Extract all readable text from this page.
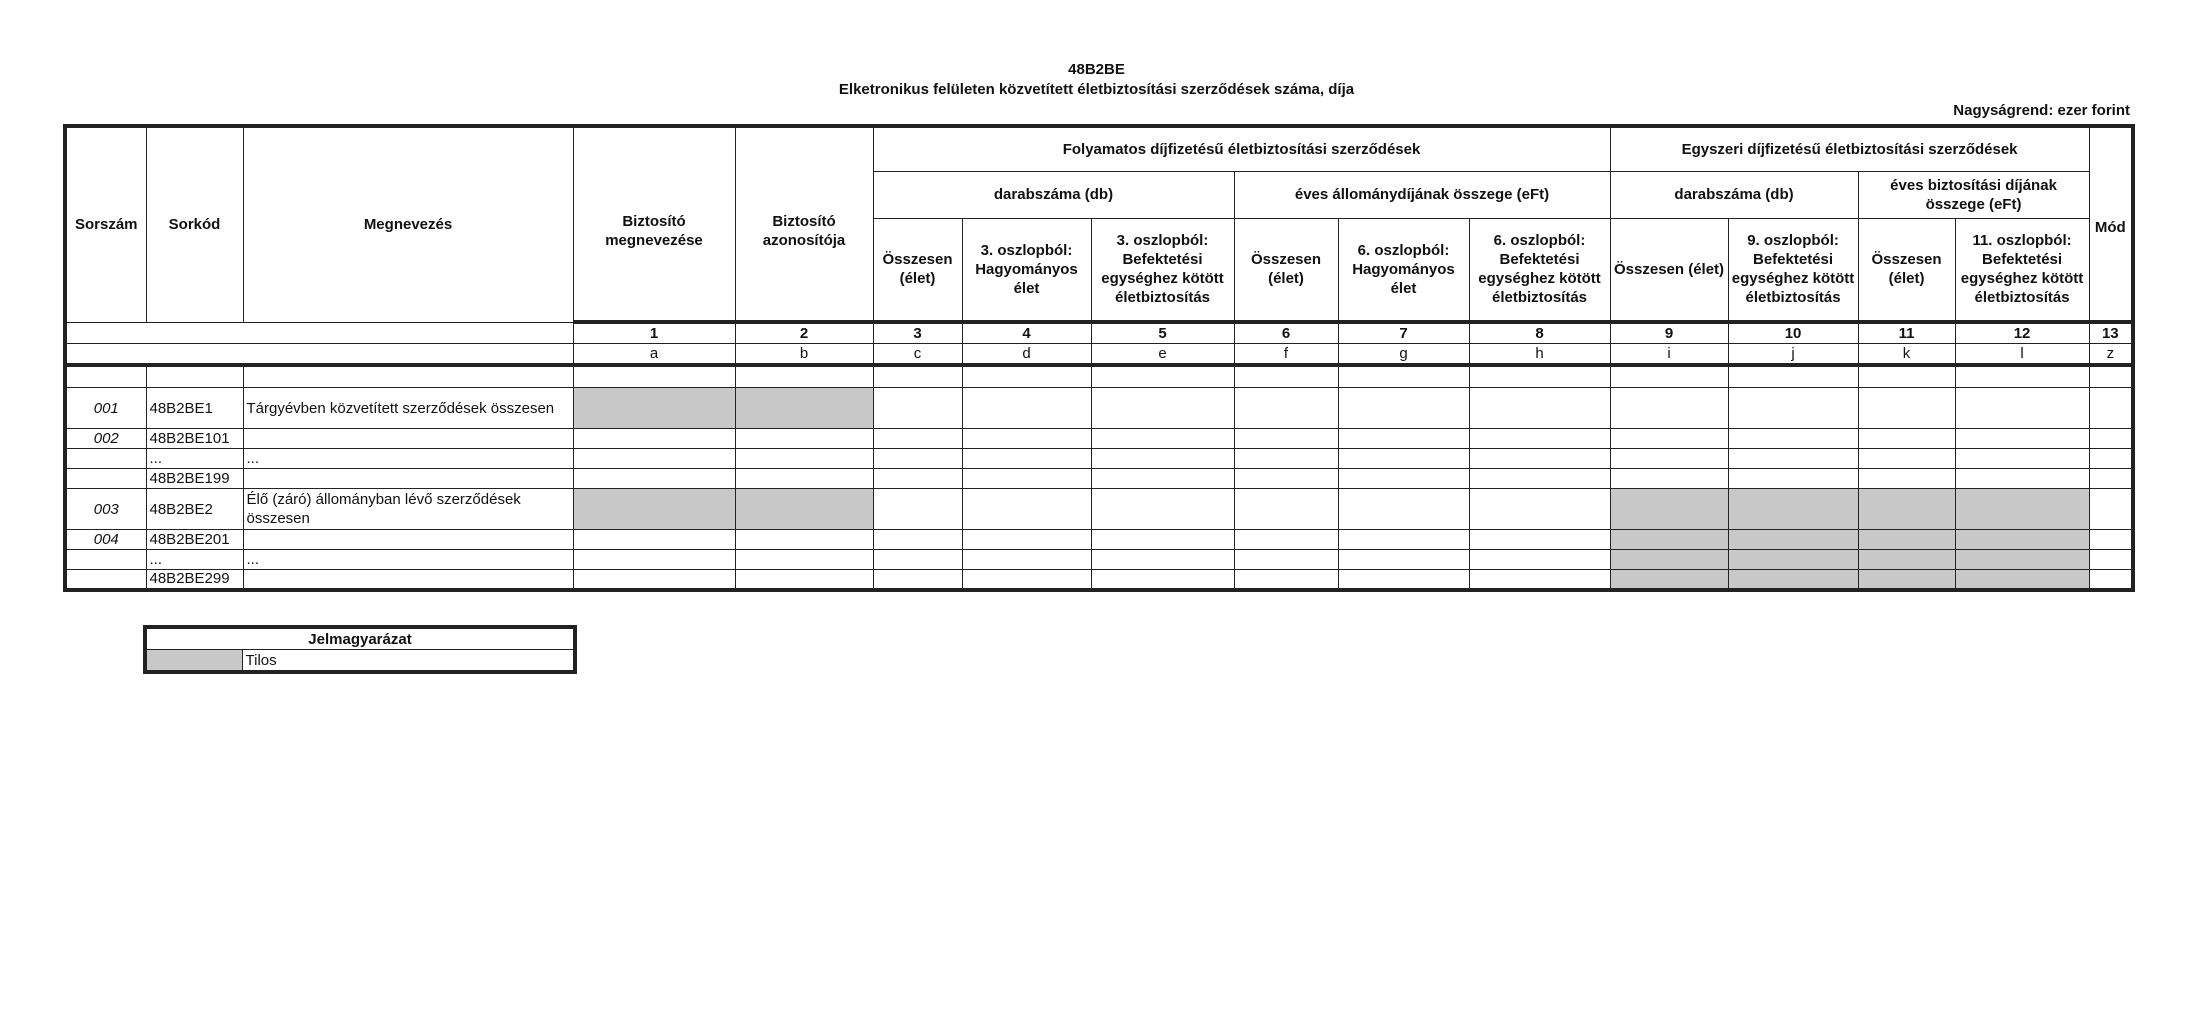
48B2BE
Elketronikus felületen közvetített életbiztosítási szerződések száma, díja
Nagyságrend: ezer forint
Sorszám	Sorkód	Megnevezés	Biztosító megnevezése	Biztosító azonosítója	Folyamatos díjfizetésű életbiztosítási szerződések						Egyszeri díjfizetésű életbiztosítási szerződések				Mód
					darabszáma (db)			éves állománydíjának összege (eFt)			darabszáma (db)		éves biztosítási díjának összege (eFt)		
					Összesen (élet)	3. oszlopból: Hagyományos élet	3. oszlopból: Befektetési egységhez kötött életbiztosítás	Összesen (élet)	6. oszlopból: Hagyományos élet	6. oszlopból: Befektetési egységhez kötött életbiztosítás	Összesen (élet)	9. oszlopból: Befektetési egységhez kötött életbiztosítás	Összesen (élet)	11. oszlopból: Befektetési egységhez kötött életbiztosítás	
			1	2	3	4	5	6	7	8	9	10	11	12	13
			a	b	c	d	e	f	g	h	i	j	k	l	z

001	48B2BE1	Tárgyévben közvetített szerződések összesen													
002	48B2BE101														
	...	...													
	48B2BE199														
003	48B2BE2	Élő (záró) állományban lévő szerződések összesen													
004	48B2BE201														
	...	...													
	48B2BE299														
Jelmagyarázat
	Tilos
